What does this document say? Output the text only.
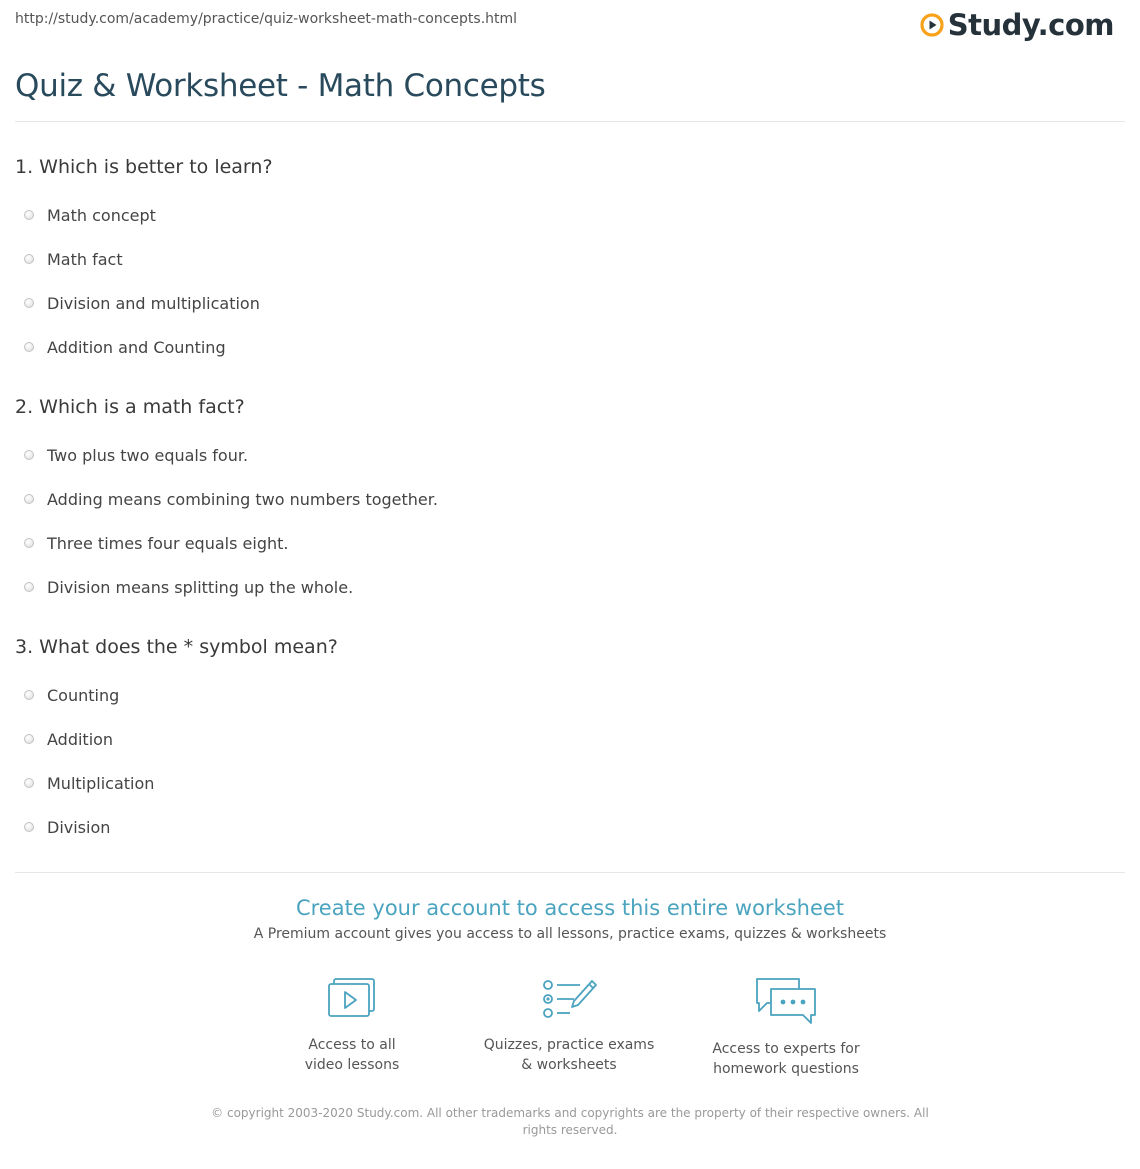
http://study.com/academy/practice/quiz-worksheet-math-concepts.html	Study.com
Quiz & Worksheet - Math Concepts
1. Which is better to learn?
Math concept
Math fact
Division and multiplication
Addition and Counting
2. Which is a math fact?
Two plus two equals four.
Adding means combining two numbers together.
Three times four equals eight.
Division means splitting up the whole.
3. What does the * symbol mean?
Counting
Addition
Multiplication
Division
Create your account to access this entire worksheet

A Premium account gives you access to all lessons, practice exams, quizzes & worksheets

Access to all
video lessons
Quizzes, practice exams
& worksheets
Access to experts for
homework questions
© copyright 2003-2020 Study.com. All other trademarks and copyrights are the property of their respective owners. All rights reserved.
